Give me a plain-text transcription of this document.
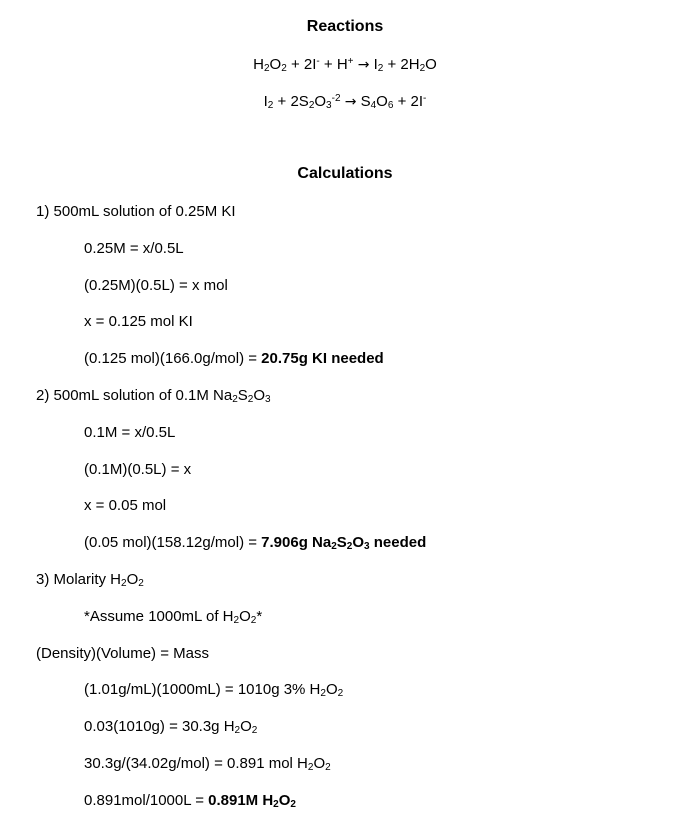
Reactions
$H_2O_2 + 2I^- + H^+ \to I_2 + 2H_2O$
$I_2 + 2S_2O_3^{-2} \to S_4O_6 + 2I^-$
Calculations
1) 500mL solution of 0.25M KI
0.25M = x/0.5L
(0.25M)(0.5L) = x mol
x = 0.125 mol KI
(0.125 mol)(166.0g/mol) = 20.75g KI needed
2) 500mL solution of 0.1M $Na_2S_2O_3$
0.1M = x/0.5L
(0.1M)(0.5L) = x
x = 0.05 mol
(0.05 mol)(158.12g/mol) = 7.906g $Na_2S_2O_3$ needed
3) Molarity $H_2O_2$
*Assume 1000mL of $H_2O_2*$
(Density)(Volume) = Mass
(1.01g/mL)(1000mL) = 1010g 3% $H_2O_2$
0.03(1010g) = 30.3g $H_2O_2$
30.3g/(34.02g/mol) = 0.891 mol $H_2O_2$
0.891mol/1000L = 0.891M $H_2O_2$
